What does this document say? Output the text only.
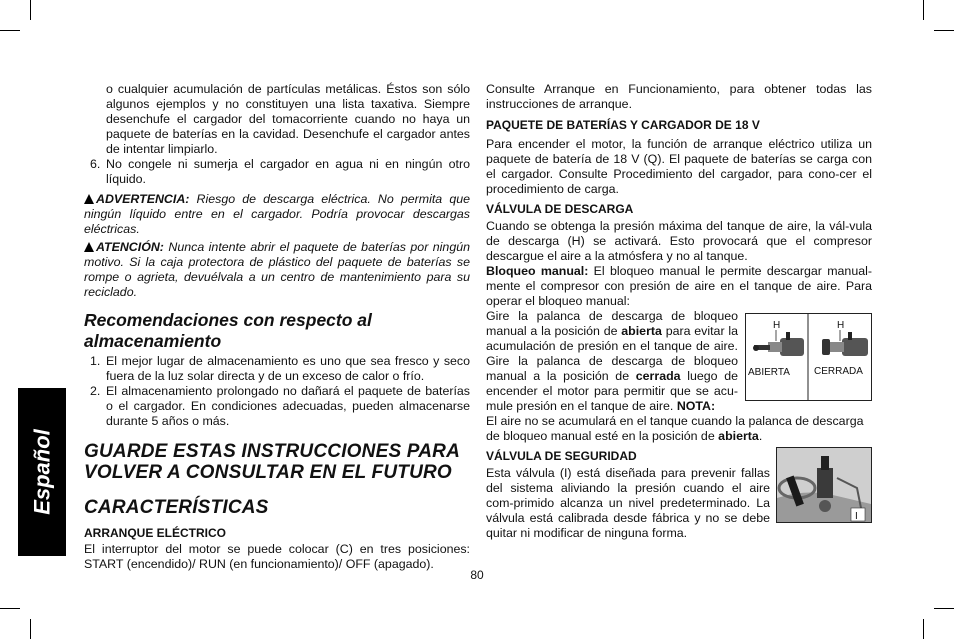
Español
o cualquier acumulación de partículas metálicas. Éstos son sólo algunos ejemplos y no constituyen una lista taxativa. Siempre desenchufe el cargador del tomacorriente cuando no haya un paquete de baterías en la cavidad. Desenchufe el cargador antes de intentar limpiarlo.
6. No congele ni sumerja el cargador en agua ni en ningún otro líquido.

ADVERTENCIA: Riesgo de descarga eléctrica. No permita que ningún líquido entre en el cargador. Podría provocar descargas eléctricas.

ATENCIÓN: Nunca intente abrir el paquete de baterías por ningún motivo. Si la caja protectora de plástico del paquete de baterías se rompe o agrieta, devuélvala a un centro de mantenimiento para su reciclado.

Recomendaciones con respecto al almacenamiento
1. El mejor lugar de almacenamiento es uno que sea fresco y seco fuera de la luz solar directa y de un exceso de calor o frío.
2. El almacenamiento prolongado no dañará el paquete de baterías o el cargador. En condiciones adecuadas, pueden almacenarse durante 5 años o más.
GUARDE ESTAS INSTRUCCIONES PARA VOLVER A CONSULTAR EN EL FUTURO
CARACTERÍSTICAS
ARRANQUE ELÉCTRICO

El interruptor del motor se puede colocar (C) en tres posiciones: START (encendido)/ RUN (en funcionamiento)/ OFF (apagado).

Consulte Arranque en Funcionamiento, para obtener todas las instrucciones de arranque.

PAQUETE DE BATERÍAS Y CARGADOR DE 18 V

Para encender el motor, la función de arranque eléctrico utiliza un paquete de batería de 18 V (Q). El paquete de baterías se carga con el cargador. Consulte Procedimiento del cargador, para cono-cer el procedimiento de carga.

VÁLVULA DE DESCARGA

Cuando se obtenga la presión máxima del tanque de aire, la vál-vula de descarga (H) se activará. Esto provocará que el compresor descargue el aire a la atmósfera y no al tanque.

Bloqueo manual: El bloqueo manual le permite descargar manual-mente el compresor con presión de aire en el tanque de aire. Para operar el bloqueo manual:

Gire la palanca de descarga de bloqueo manual a la posición de abierta para evitar la acumulación de presión en el tanque de aire. Gire la palanca de descarga de bloqueo manual a la posición de cerrada luego de encender el motor para permitir que se acu-mule presión en el tanque de aire. NOTA:

El aire no se acumulará en el tanque cuando la palanca de descarga de bloqueo manual esté en la posición de abierta.

VÁLVULA DE SEGURIDAD

Esta válvula (I) está diseñada para prevenir fallas del sistema aliviando la presión cuando el aire com-primido alcanza un nivel predeterminado. La válvula está calibrada desde fábrica y no se debe quitar ni modificar de ninguna forma.

H	H
ABIERTA CERRADA
I
80
